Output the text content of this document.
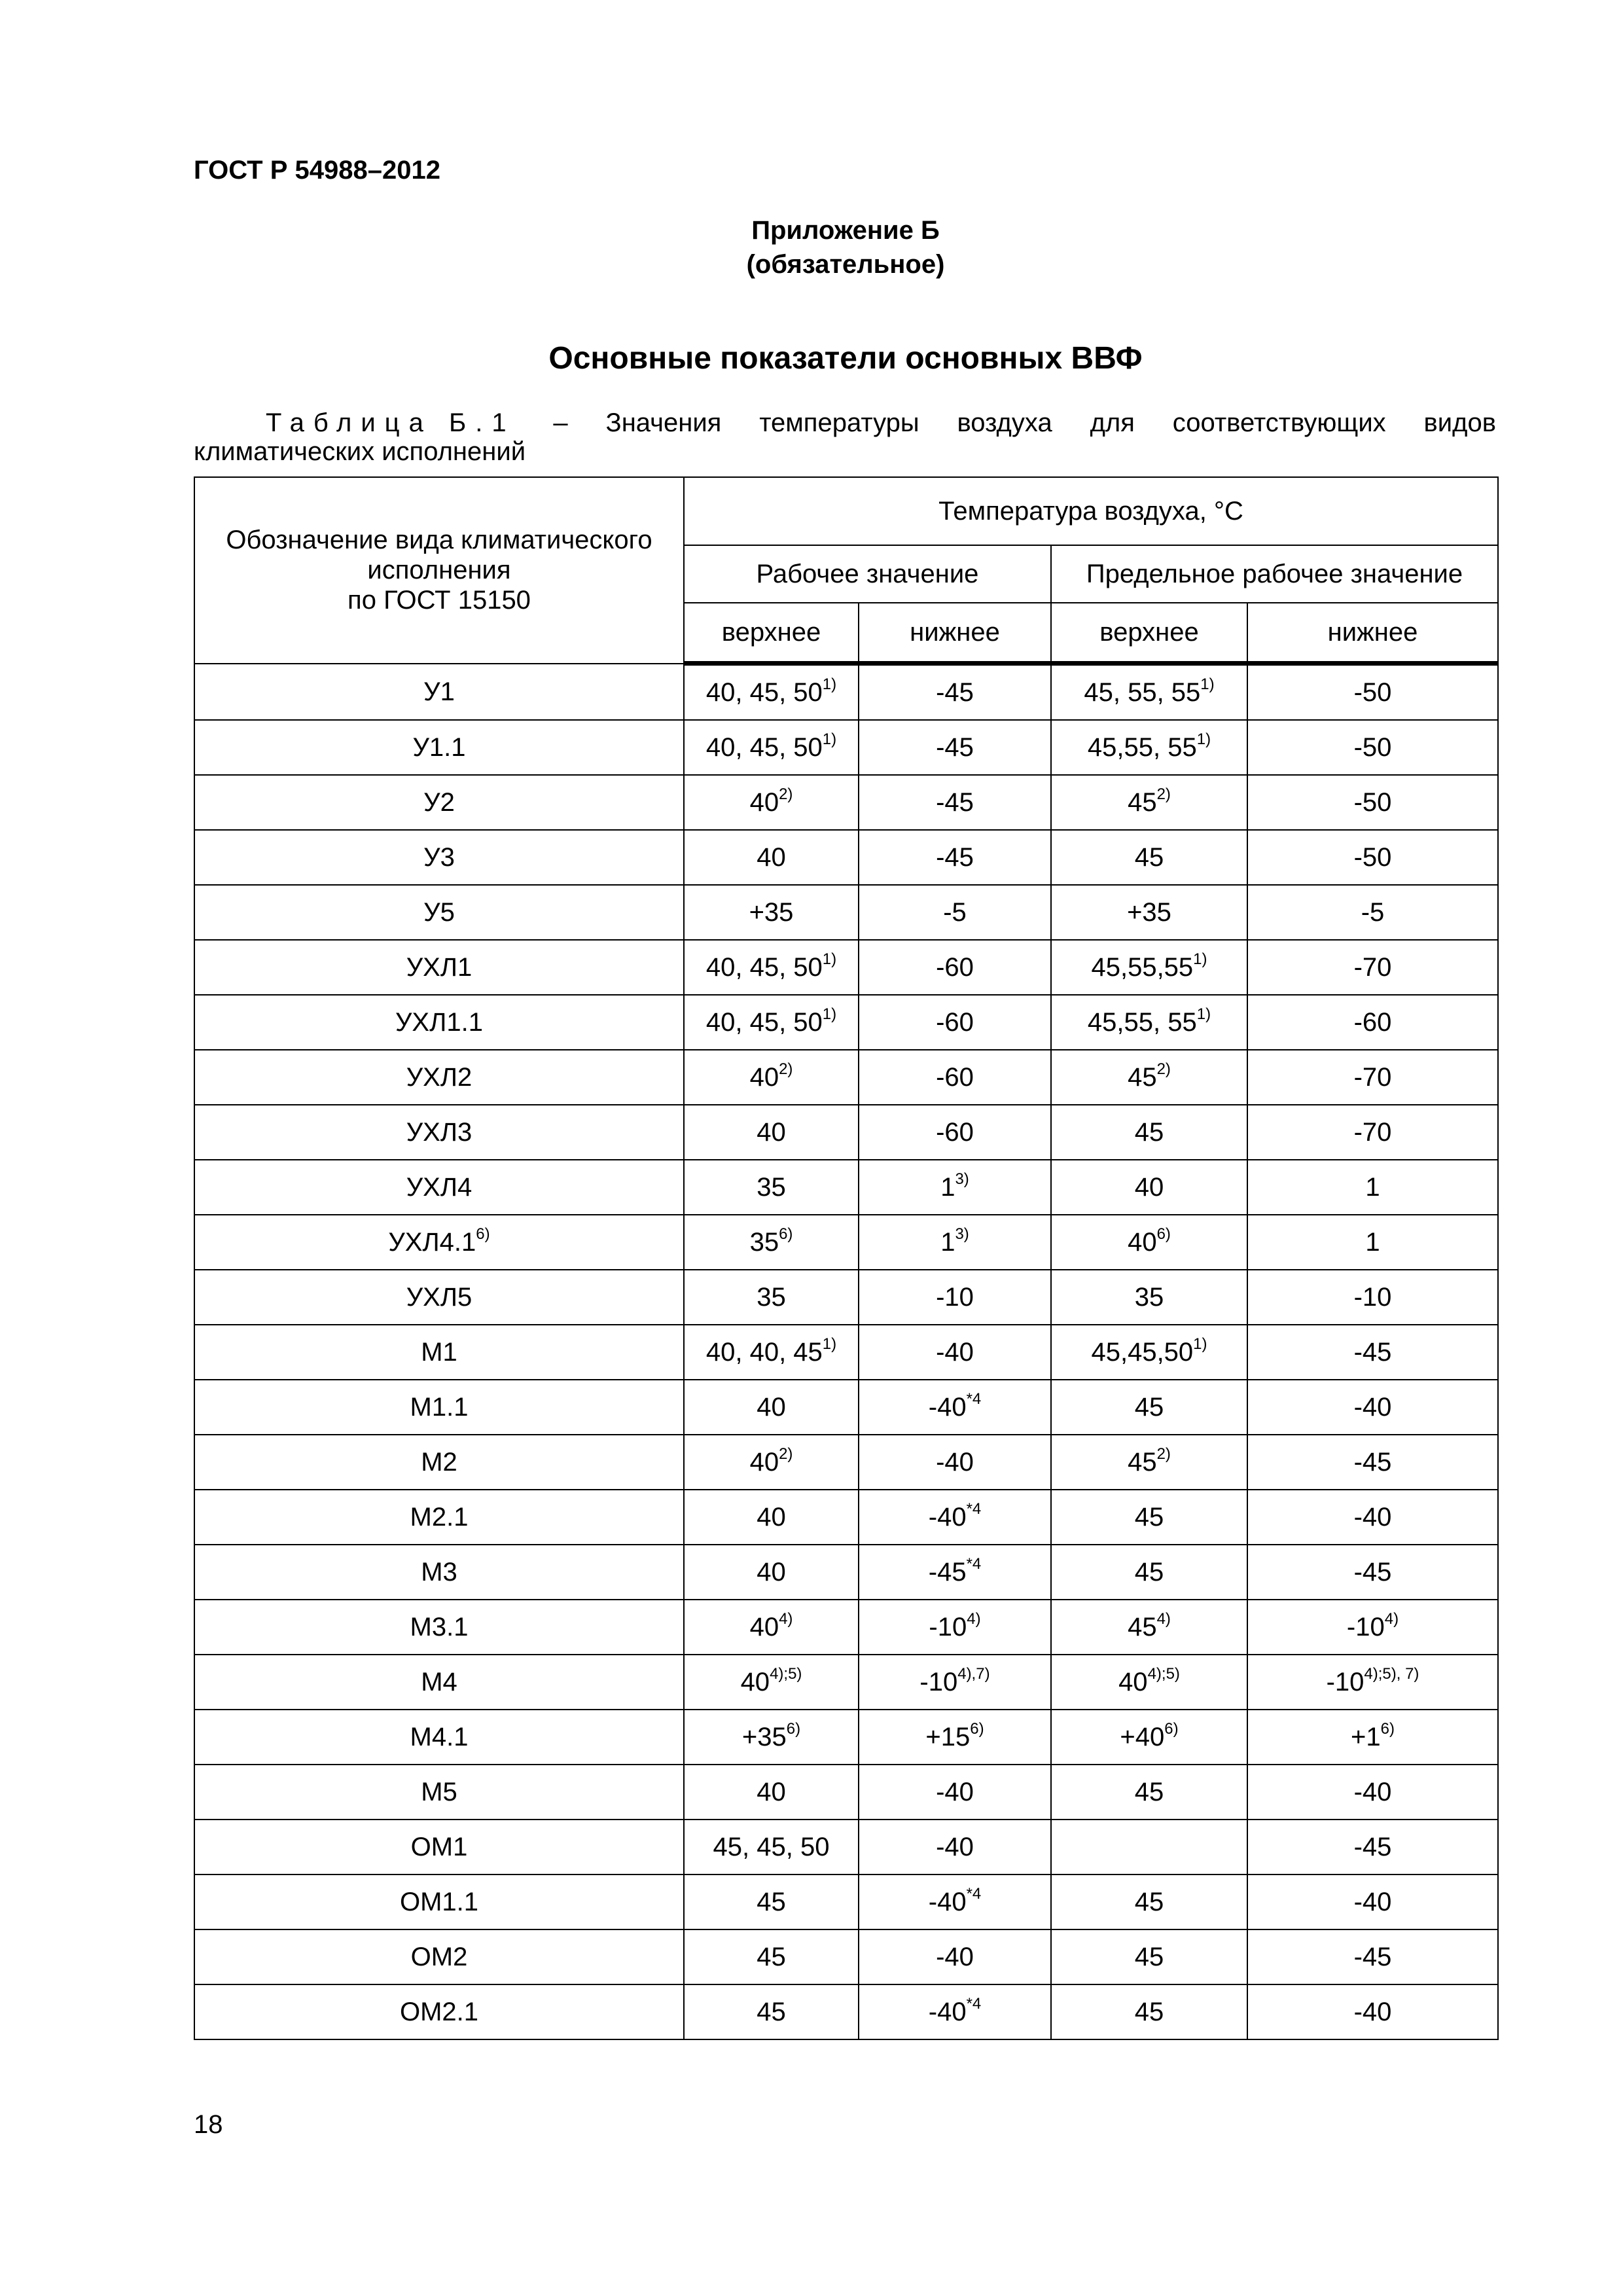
ГОСТ Р 54988–2012
Приложение Б
(обязательное)
Основные показатели основных ВВФ
Таблица Б.1 – Значения температуры воздуха для соответствующих видов
климатических исполнений
Обозначение вида климатического
исполнения
по ГОСТ 15150	Температура воздуха, °С			
	Рабочее значение		Предельное рабочее значение	
	верхнее	нижнее	верхнее	нижнее
У1	40, 45, 50$^{1)}$	-45	45, 55, 55$^{1)}$	-50
У1.1	40, 45, 50$^{1)}$	-45	45,55, 55$^{1)}$	-50
У2	40$^{2)}$	-45	45$^{2)}$	-50
У3	40	-45	45	-50
У5	+35	-5	+35	-5
УХЛ1	40, 45, 50$^{1)}$	-60	45,55,55$^{1)}$	-70
УХЛ1.1	40, 45, 50$^{1)}$	-60	45,55, 55$^{1)}$	-60
УХЛ2	40$^{2)}$	-60	45$^{2)}$	-70
УХЛ3	40	-60	45	-70
УХЛ4	35	1$^{3)}$	40	1
УХЛ4.1$^{6)}$	35$^{6)}$	1$^{3)}$	40$^{6)}$	1
УХЛ5	35	-10	35	-10
М1	40, 40, 45$^{1)}$	-40	45,45,50$^{1)}$	-45
М1.1	40	-40$^{*4}$	45	-40
М2	40$^{2)}$	-40	45$^{2)}$	-45
М2.1	40	-40$^{*4}$	45	-40
М3	40	-45$^{*4}$	45	-45
М3.1	40$^{4)}$	-10$^{4)}$	45$^{4)}$	-10$^{4)}$
М4	$40^{4);5)}$	$-10^{4),7)}$	$40^{4);5)}$	$-10^{4);5), 7)}$
М4.1	$+35^{6)}$	$+15^{6)}$	$+40^{6)}$	$+1^{6)}$
М5	40	-40	45	-40
ОМ1	45, 45, 50	-40		-45
ОМ1.1	45	-40$^{*4}$	45	-40
ОМ2	45	-40	45	-45
ОМ2.1	45	-40$^{*4}$	45	-40
18
